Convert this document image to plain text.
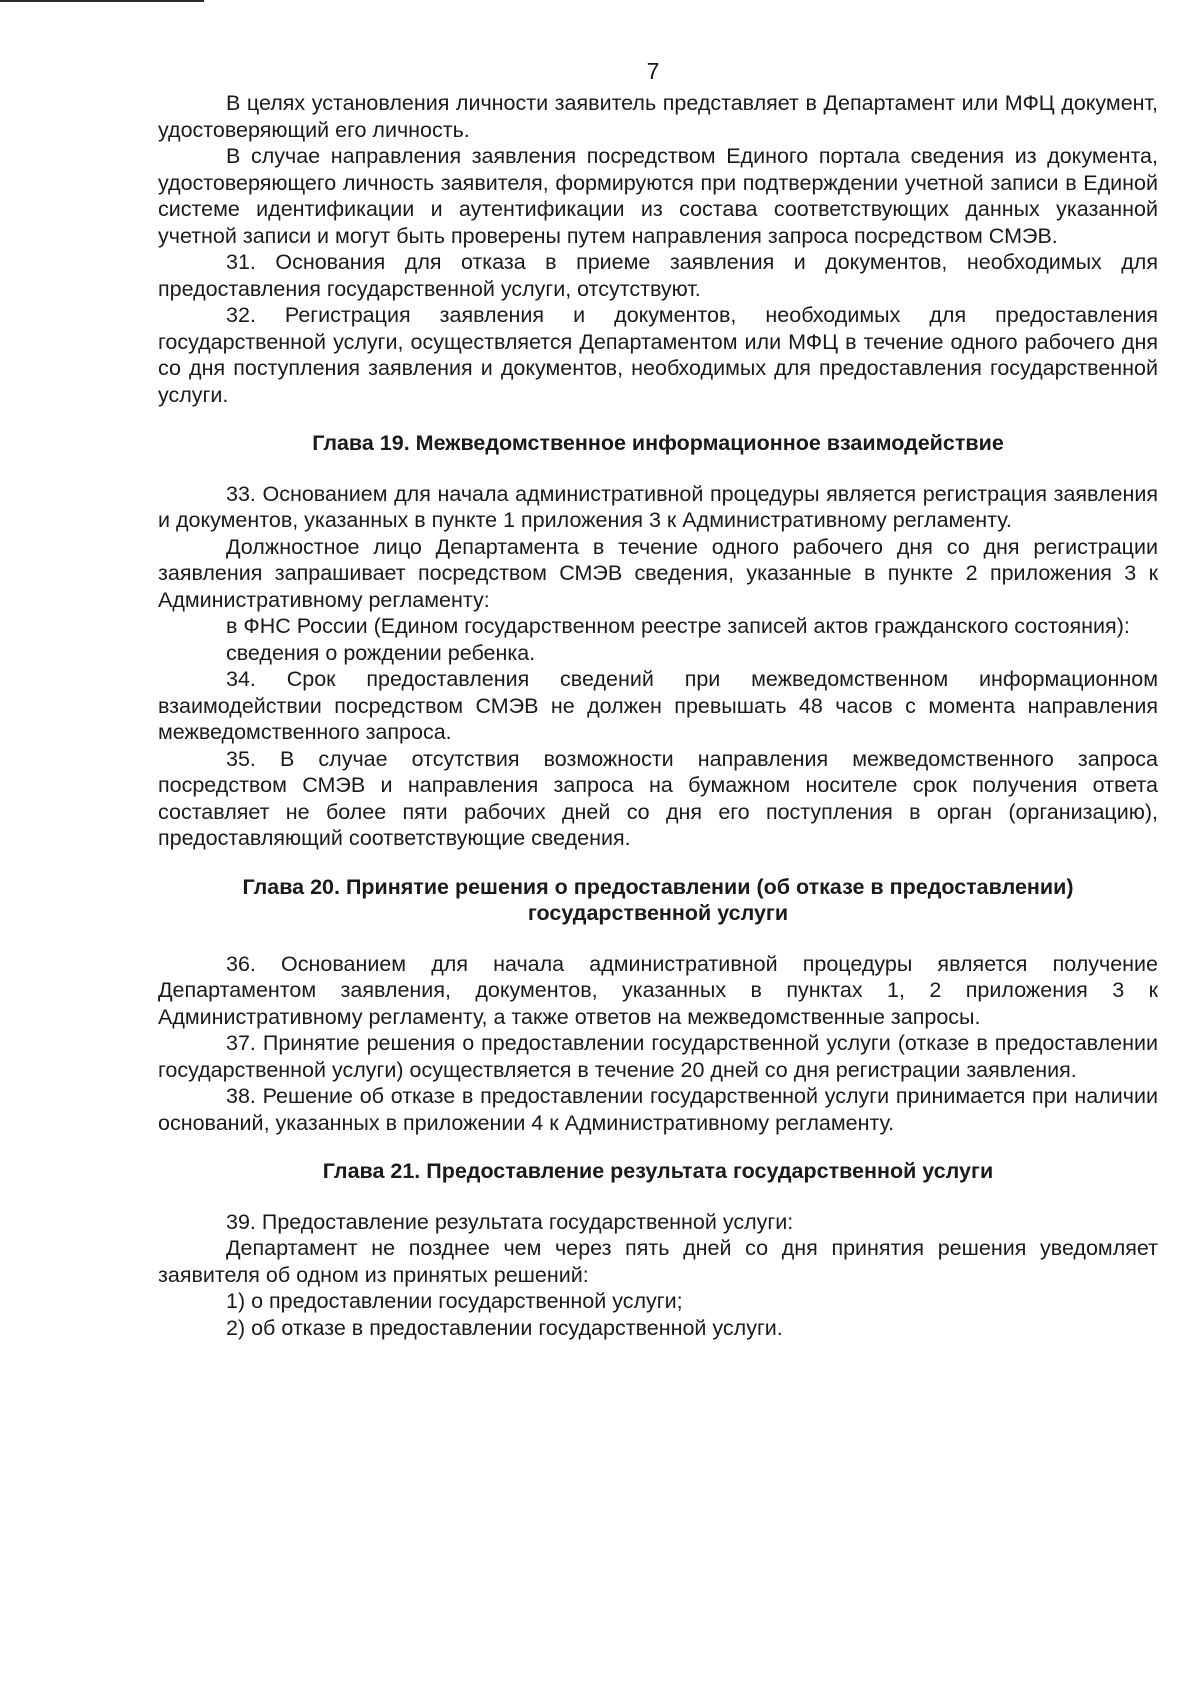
7

В целях установления личности заявитель представляет в Департамент или МФЦ документ, удостоверяющий его личность.

В случае направления заявления посредством Единого портала сведения из документа, удостоверяющего личность заявителя, формируются при подтверждении учетной записи в Единой системе идентификации и аутентификации из состава соответствующих данных указанной учетной записи и могут быть проверены путем направления запроса посредством СМЭВ.

31. Основания для отказа в приеме заявления и документов, необходимых для предоставления государственной услуги, отсутствуют.

32. Регистрация заявления и документов, необходимых для предоставления государственной услуги, осуществляется Департаментом или МФЦ в течение одного рабочего дня со дня поступления заявления и документов, необходимых для предоставления государственной услуги.

Глава 19. Межведомственное информационное взаимодействие

33. Основанием для начала административной процедуры является регистрация заявления и документов, указанных в пункте 1 приложения 3 к Административному регламенту.

Должностное лицо Департамента в течение одного рабочего дня со дня регистрации заявления запрашивает посредством СМЭВ сведения, указанные в пункте 2 приложения 3 к Административному регламенту:

в ФНС России (Едином государственном реестре записей актов гражданского состояния):

сведения о рождении ребенка.

34. Срок предоставления сведений при межведомственном информационном взаимодействии посредством СМЭВ не должен превышать 48 часов с момента направления межведомственного запроса.

35. В случае отсутствия возможности направления межведомственного запроса посредством СМЭВ и направления запроса на бумажном носителе срок получения ответа составляет не более пяти рабочих дней со дня его поступления в орган (организацию), предоставляющий соответствующие сведения.

Глава 20. Принятие решения о предоставлении (об отказе в предоставлении) государственной услуги

36. Основанием для начала административной процедуры является получение Департаментом заявления, документов, указанных в пунктах 1, 2 приложения 3 к Административному регламенту, а также ответов на межведомственные запросы.

37. Принятие решения о предоставлении государственной услуги (отказе в предоставлении государственной услуги) осуществляется в течение 20 дней со дня регистрации заявления.

38. Решение об отказе в предоставлении государственной услуги принимается при наличии оснований, указанных в приложении 4 к Административному регламенту.

Глава 21. Предоставление результата государственной услуги

39. Предоставление результата государственной услуги:

Департамент не позднее чем через пять дней со дня принятия решения уведомляет заявителя об одном из принятых решений:

1) о предоставлении государственной услуги;

2) об отказе в предоставлении государственной услуги.
